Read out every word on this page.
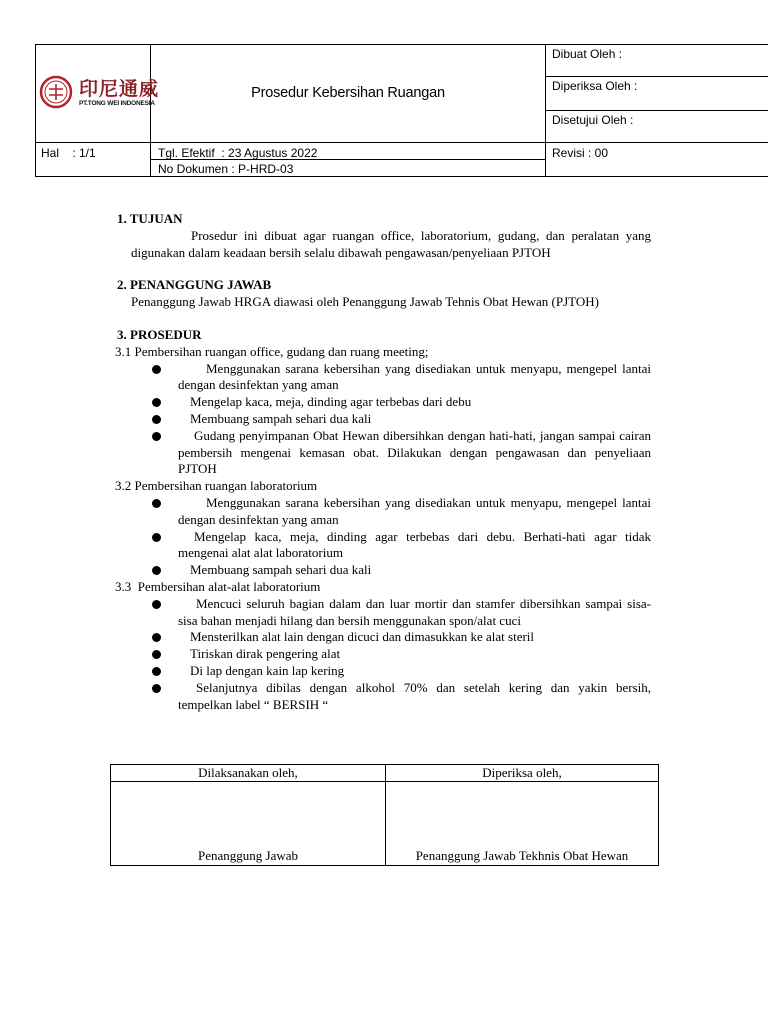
印尼通威
PT.TONG WEI INDONESIA
Prosedur Kebersihan Ruangan
Dibuat Oleh :
Diperiksa Oleh :
Disetujui Oleh :
Hal    : 1/1	Tgl. Efektif  : 23 Agustus 2022
No Dokumen : P-HRD-03
Revisi : 00
1. TUJUAN
Prosedur ini dibuat agar ruangan office, laboratorium, gudang, dan peralatan yang digunakan dalam keadaan bersih selalu dibawah pengawasan/penyeliaan PJTOH
2. PENANGGUNG JAWAB
Penanggung Jawab HRGA diawasi oleh Penanggung Jawab Tehnis Obat Hewan (PJTOH)
3. PROSEDUR
3.1 Pembersihan ruangan office, gudang dan ruang meeting;
Menggunakan sarana kebersihan yang disediakan untuk menyapu, mengepel lantai dengan desinfektan yang aman
Mengelap kaca, meja, dinding agar terbebas dari debu
Membuang sampah sehari dua kali
Gudang penyimpanan Obat Hewan dibersihkan dengan hati-hati, jangan sampai cairan pembersih mengenai kemasan obat. Dilakukan dengan pengawasan dan penyeliaan PJTOH
3.2 Pembersihan ruangan laboratorium
Menggunakan sarana kebersihan yang disediakan untuk menyapu, mengepel lantai dengan desinfektan yang aman
Mengelap kaca, meja, dinding agar terbebas dari debu. Berhati-hati agar tidak mengenai alat alat laboratorium
Membuang sampah sehari dua kali
3.3  Pembersihan alat-alat laboratorium
Mencuci seluruh bagian dalam dan luar mortir dan stamfer dibersihkan sampai sisa-sisa bahan menjadi hilang dan bersih menggunakan spon/alat cuci
Mensterilkan alat lain dengan dicuci dan dimasukkan ke alat steril
Tiriskan dirak pengering alat
Di lap dengan kain lap kering
Selanjutnya dibilas dengan alkohol 70% dan setelah kering dan yakin bersih, tempelkan label “ BERSIH “
Dilaksanakan oleh,	Diperiksa oleh,
Penanggung Jawab	Penanggung Jawab Tekhnis Obat Hewan
